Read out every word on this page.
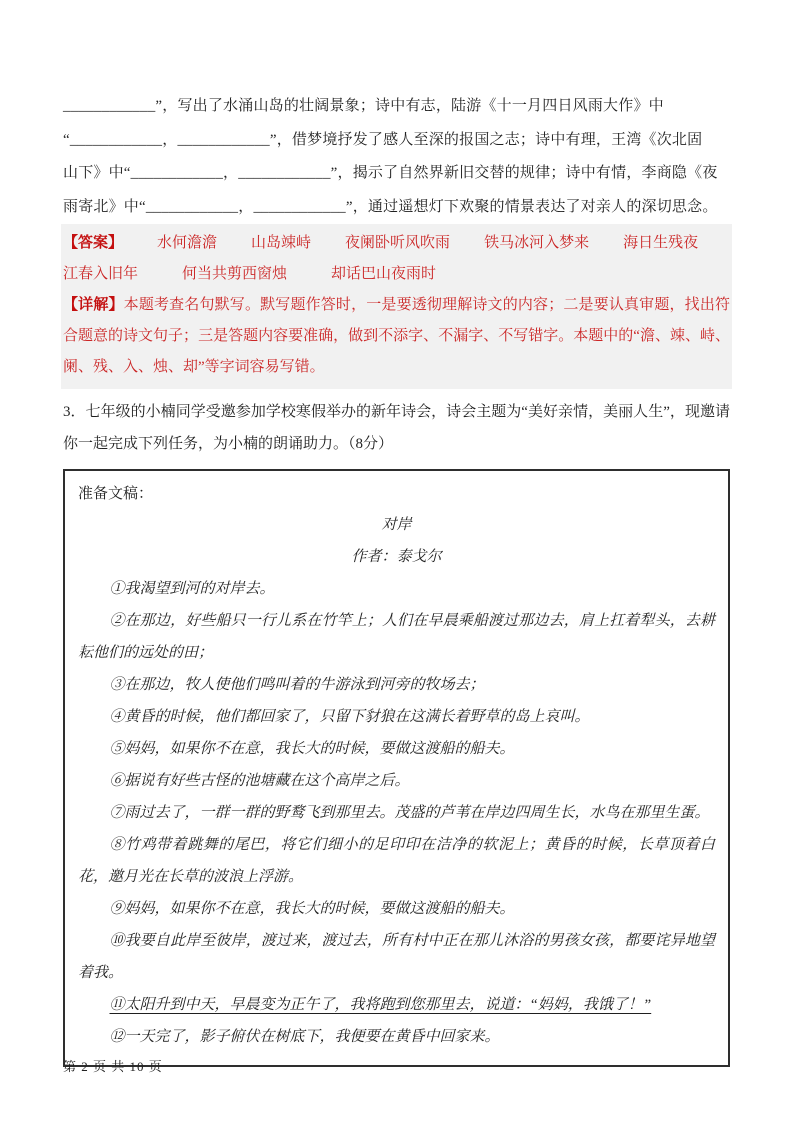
____________”，写出了水涌山岛的壮阔景象；诗中有志，陆游《十一月四日风雨大作》中
“____________，____________”，借梦境抒发了感人至深的报国之志；诗中有理，王湾《次北固
山下》中“____________，____________”，揭示了自然界新旧交替的规律；诗中有情，李商隐《夜
雨寄北》中“____________，____________”，通过遥想灯下欢聚的情景表达了对亲人的深切思念。
【答案】 水何澹澹 山岛竦峙 夜阑卧听风吹雨 铁马冰河入梦来 海日生残夜
江春入旧年	何当共剪西窗烛	却话巴山夜雨时

【详解】本题考查名句默写。默写题作答时，一是要透彻理解诗文的内容；二是要认真审题，找出符合题意的诗文句子；三是答题内容要准确，做到不添字、不漏字、不写错字。本题中的“澹、竦、峙、阑、残、入、烛、却”等字词容易写错。

3．七年级的小楠同学受邀参加学校寒假举办的新年诗会，诗会主题为“美好亲情，美丽人生”，现邀请你一起完成下列任务，为小楠的朗诵助力。（8分）

准备文稿：
对岸
作者：泰戈尔

①我渴望到河的对岸去。

②在那边，好些船只一行儿系在竹竿上；人们在早晨乘船渡过那边去，肩上扛着犁头，去耕耘他们的远处的田；

③在那边，牧人使他们鸣叫着的牛游泳到河旁的牧场去；

④黄昏的时候，他们都回家了，只留下豺狼在这满长着野草的岛上哀叫。

⑤妈妈，如果你不在意，我长大的时候，要做这渡船的船夫。

⑥据说有好些古怪的池塘藏在这个高岸之后。

⑦雨过去了，一群一群的野鹜飞到那里去。茂盛的芦苇在岸边四周生长，水鸟在那里生蛋。

⑧竹鸡带着跳舞的尾巴，将它们细小的足印印在洁净的软泥上；黄昏的时候，长草顶着白花，邀月光在长草的波浪上浮游。

⑨妈妈，如果你不在意，我长大的时候，要做这渡船的船夫。

⑩我要自此岸至彼岸，渡过来，渡过去，所有村中正在那儿沐浴的男孩女孩，都要诧异地望着我。

⑪太阳升到中天，早晨变为正午了，我将跑到您那里去，说道：“妈妈，我饿了！”

⑫一天完了，影子俯伏在树底下，我便要在黄昏中回家来。

第 2 页 共 10 页
